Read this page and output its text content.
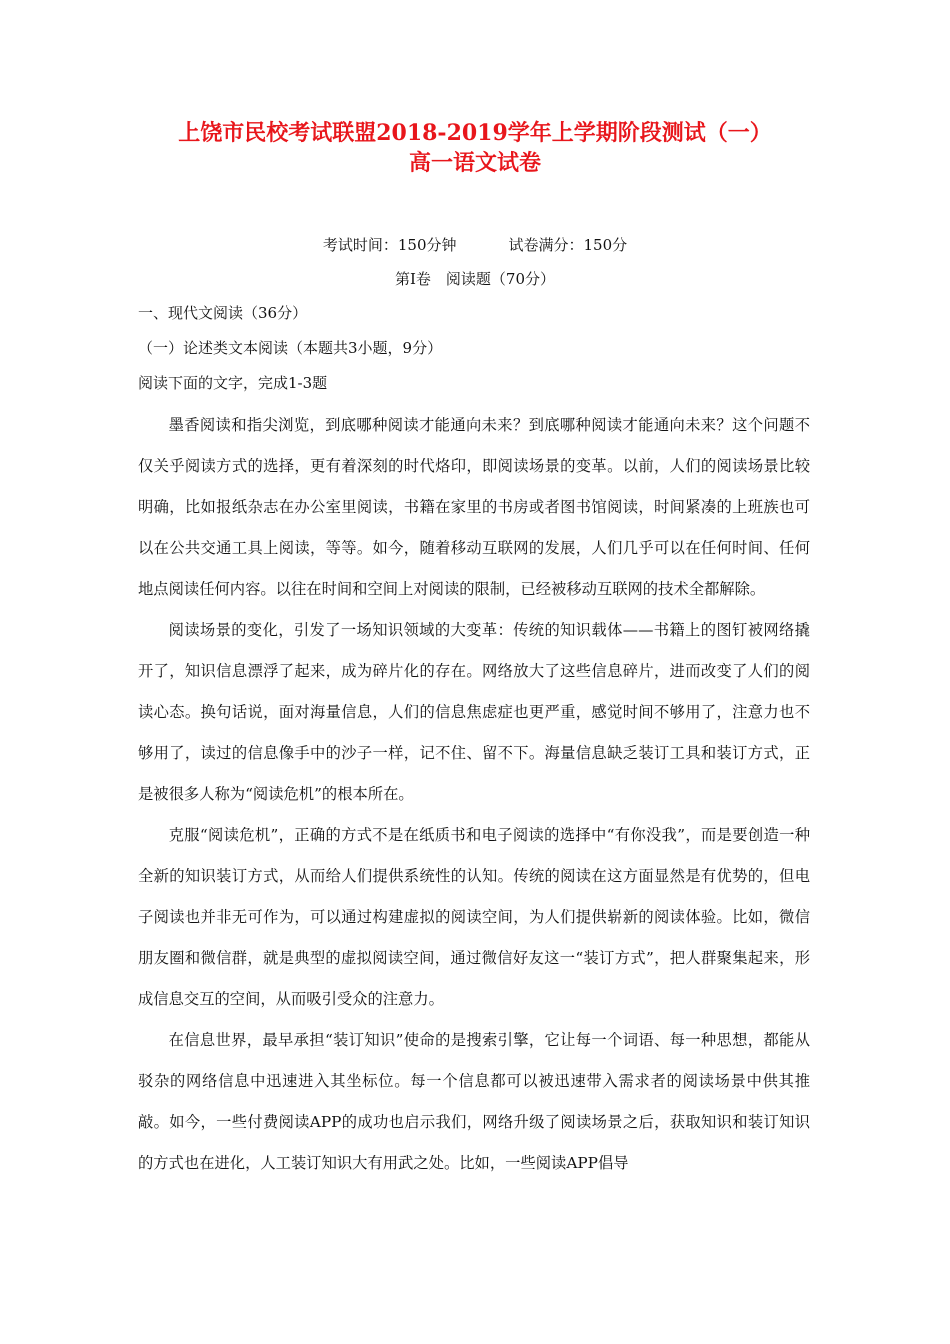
上饶市民校考试联盟2018-2019学年上学期阶段测试（一）
高一语文试卷
考试时间：150分钟	试卷满分：150分
第Ⅰ卷　阅读题（70分）
一、现代文阅读（36分）
（一）论述类文本阅读（本题共3小题，9分）
阅读下面的文字，完成1-3题

墨香阅读和指尖浏览，到底哪种阅读才能通向未来？到底哪种阅读才能通向未来？这个问题不仅关乎阅读方式的选择，更有着深刻的时代烙印，即阅读场景的变革。以前，人们的阅读场景比较明确，比如报纸杂志在办公室里阅读，书籍在家里的书房或者图书馆阅读，时间紧凑的上班族也可以在公共交通工具上阅读，等等。如今，随着移动互联网的发展，人们几乎可以在任何时间、任何地点阅读任何内容。以往在时间和空间上对阅读的限制，已经被移动互联网的技术全都解除。

阅读场景的变化，引发了一场知识领域的大变革：传统的知识载体——书籍上的图钉被网络撬开了，知识信息漂浮了起来，成为碎片化的存在。网络放大了这些信息碎片，进而改变了人们的阅读心态。换句话说，面对海量信息，人们的信息焦虑症也更严重，感觉时间不够用了，注意力也不够用了，读过的信息像手中的沙子一样，记不住、留不下。海量信息缺乏装订工具和装订方式，正是被很多人称为“阅读危机”的根本所在。

克服“阅读危机”，正确的方式不是在纸质书和电子阅读的选择中“有你没我”，而是要创造一种全新的知识装订方式，从而给人们提供系统性的认知。传统的阅读在这方面显然是有优势的，但电子阅读也并非无可作为，可以通过构建虚拟的阅读空间，为人们提供崭新的阅读体验。比如，微信朋友圈和微信群，就是典型的虚拟阅读空间，通过微信好友这一“装订方式”，把人群聚集起来，形成信息交互的空间，从而吸引受众的注意力。

在信息世界，最早承担“装订知识”使命的是搜索引擎，它让每一个词语、每一种思想，都能从驳杂的网络信息中迅速进入其坐标位。每一个信息都可以被迅速带入需求者的阅读场景中供其推敲。如今，一些付费阅读APP的成功也启示我们，网络升级了阅读场景之后，获取知识和装订知识的方式也在进化，人工装订知识大有用武之处。比如，一些阅读APP倡导
